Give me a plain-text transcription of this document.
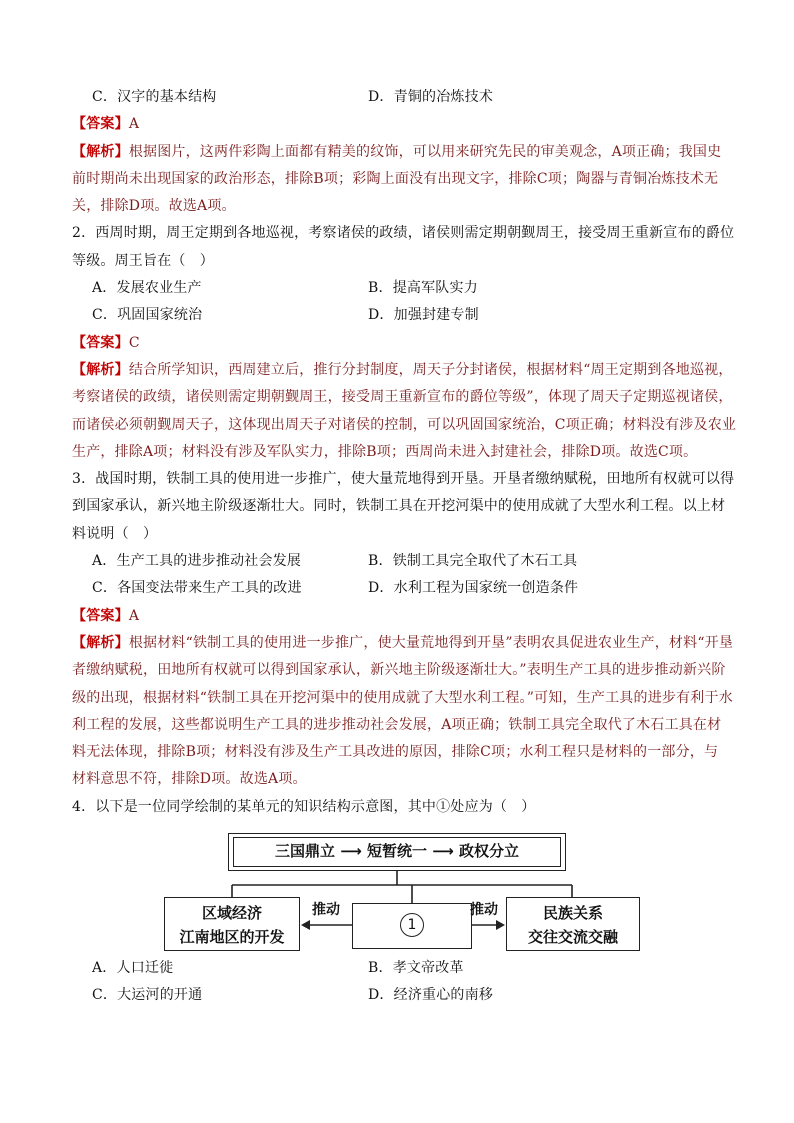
C．汉字的基本结构	D．青铜的冶炼技术
【答案】A
【解析】根据图片，这两件彩陶上面都有精美的纹饰，可以用来研究先民的审美观念，A项正确；我国史
前时期尚未出现国家的政治形态，排除B项；彩陶上面没有出现文字，排除C项；陶器与青铜冶炼技术无
关，排除D项。故选A项。
2．西周时期，周王定期到各地巡视，考察诸侯的政绩，诸侯则需定期朝觐周王，接受周王重新宣布的爵位
等级。周王旨在（　）
A．发展农业生产	B．提高军队实力
C．巩固国家统治	D．加强封建专制
【答案】C
【解析】结合所学知识，西周建立后，推行分封制度，周天子分封诸侯，根据材料“周王定期到各地巡视，
考察诸侯的政绩，诸侯则需定期朝觐周王，接受周王重新宣布的爵位等级”，体现了周天子定期巡视诸侯，
而诸侯必须朝觐周天子，这体现出周天子对诸侯的控制，可以巩固国家统治，C项正确；材料没有涉及农业
生产，排除A项；材料没有涉及军队实力，排除B项；西周尚未进入封建社会，排除D项。故选C项。
3．战国时期，铁制工具的使用进一步推广，使大量荒地得到开垦。开垦者缴纳赋税，田地所有权就可以得
到国家承认，新兴地主阶级逐渐壮大。同时，铁制工具在开挖河渠中的使用成就了大型水利工程。以上材
料说明（　）
A．生产工具的进步推动社会发展	B．铁制工具完全取代了木石工具
C．各国变法带来生产工具的改进	D．水利工程为国家统一创造条件
【答案】A
【解析】根据材料“铁制工具的使用进一步推广，使大量荒地得到开垦”表明农具促进农业生产，材料“开垦
者缴纳赋税，田地所有权就可以得到国家承认，新兴地主阶级逐渐壮大。”表明生产工具的进步推动新兴阶
级的出现，根据材料“铁制工具在开挖河渠中的使用成就了大型水利工程。”可知，生产工具的进步有利于水
利工程的发展，这些都说明生产工具的进步推动社会发展，A项正确；铁制工具完全取代了木石工具在材
料无法体现，排除B项；材料没有涉及生产工具改进的原因，排除C项；水利工程只是材料的一部分，与
材料意思不符，排除D项。故选A项。
4．以下是一位同学绘制的某单元的知识结构示意图，其中①处应为（　）
三国鼎立 ⟶ 短暂统一 ⟶ 政权分立
区域经济
江南地区的开发
推动
1
推动	民族关系
交往交流交融
A．人口迁徙	B．孝文帝改革
C．大运河的开通	D．经济重心的南移
